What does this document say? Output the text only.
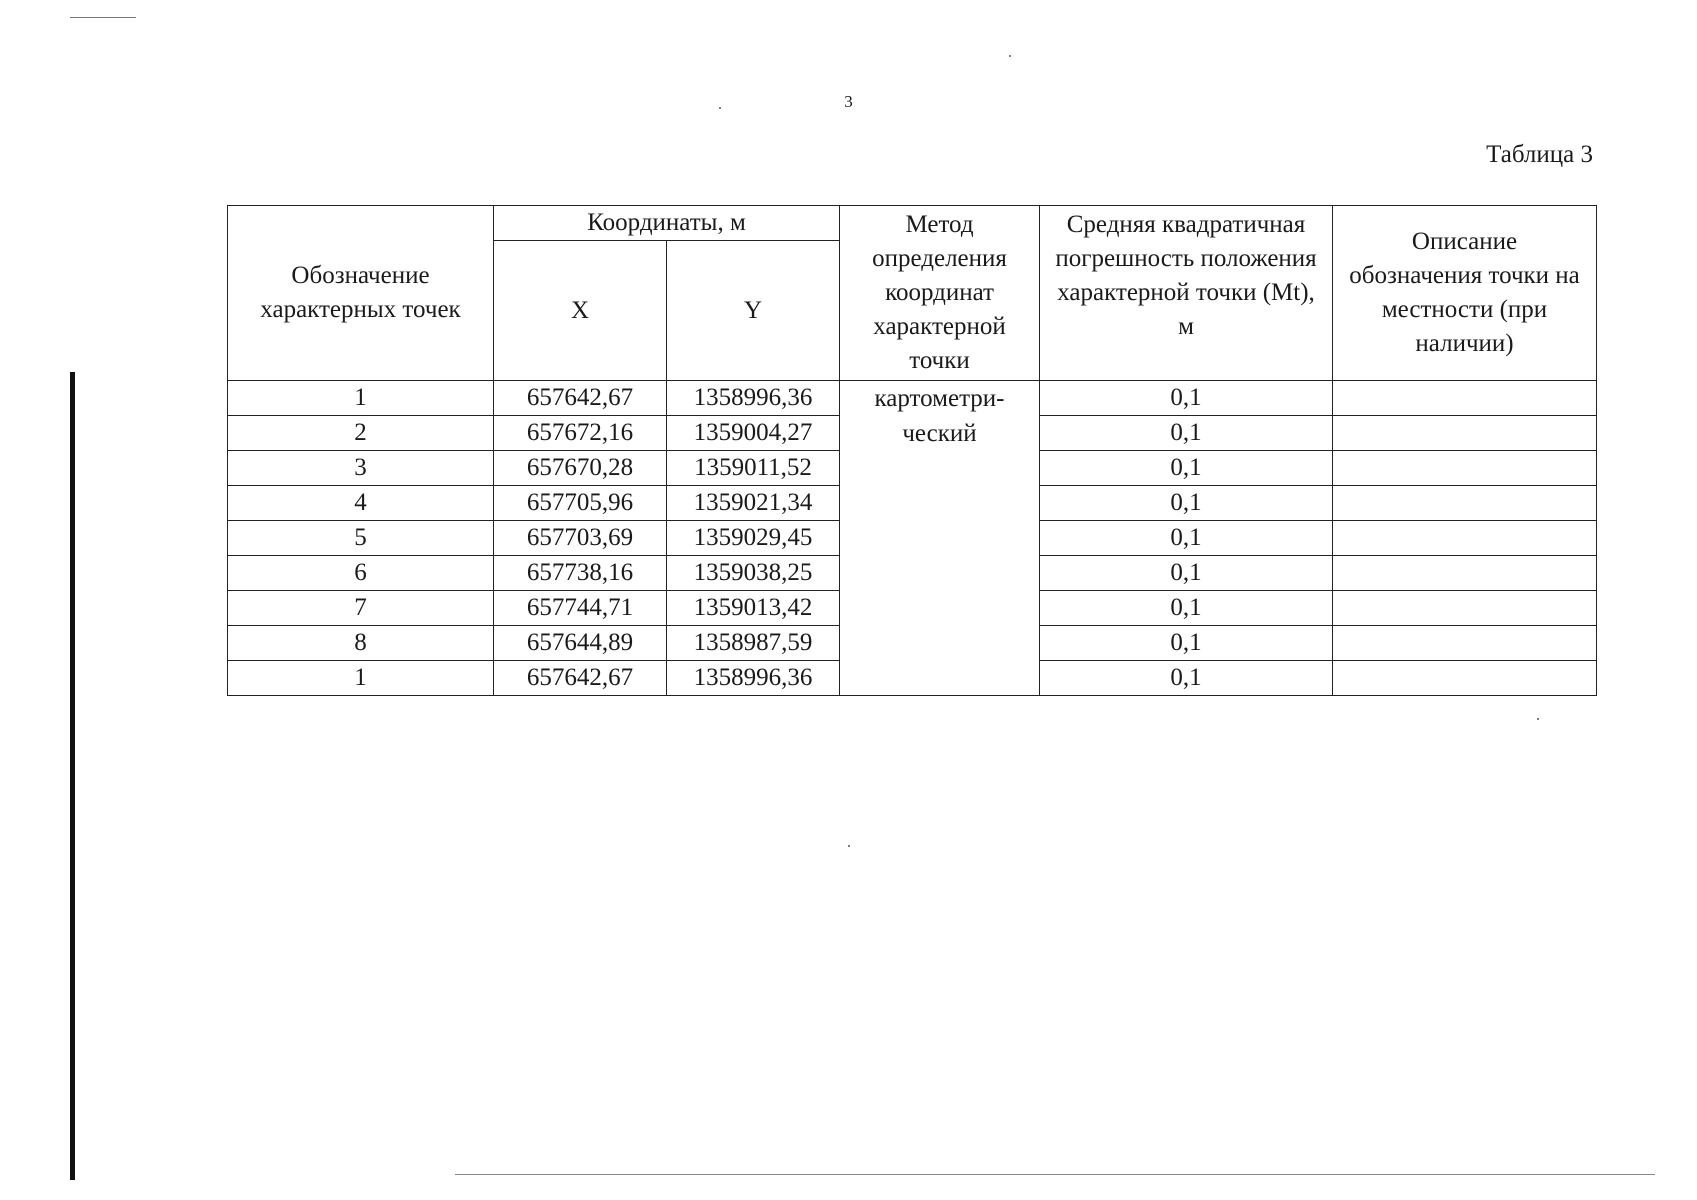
3
Таблица 3
Обозначение характерных точек	Координаты, м		Метод определения координат характерной точки	Средняя квадратичная погрешность положения характерной точки (Mt), м	Описание обозначения точки на местности (при наличии)
	X	Y			
1	657642,67	1358996,36	картометри-ческий	0,1	
2	657672,16	1359004,27		0,1	
3	657670,28	1359011,52		0,1	
4	657705,96	1359021,34		0,1	
5	657703,69	1359029,45		0,1	
6	657738,16	1359038,25		0,1	
7	657744,71	1359013,42		0,1	
8	657644,89	1358987,59		0,1	
1	657642,67	1358996,36		0,1	
